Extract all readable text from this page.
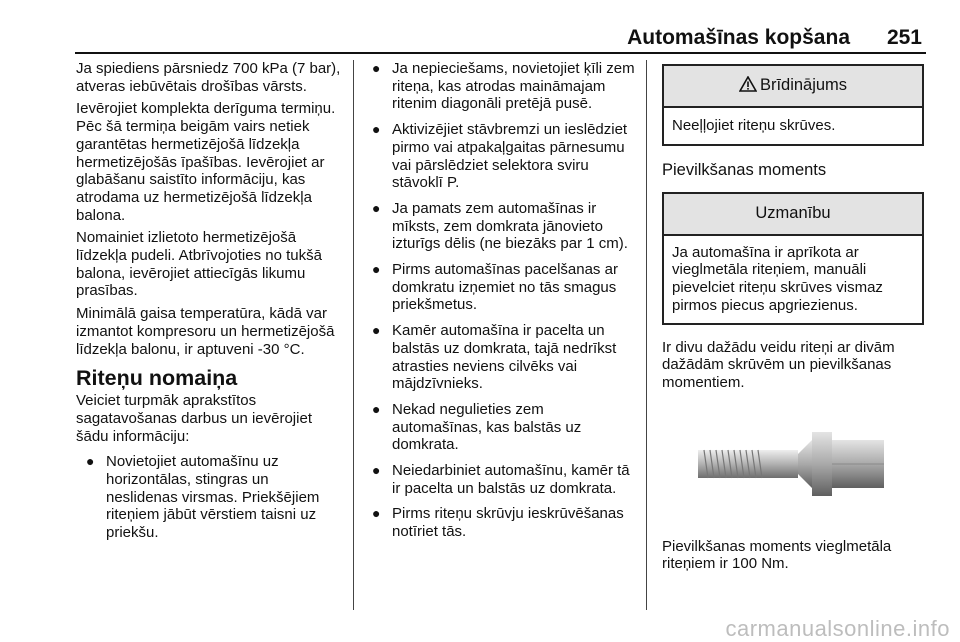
Automašīnas kopšana 251

Ja spiediens pārsniedz 700 kPa (7 bar), atveras iebūvētais drošības vārsts.

Ievērojiet komplekta derīguma termiņu. Pēc šā termiņa beigām vairs netiek garantētas hermetizējošā līdzekļa hermetizējošās īpašības. Ievērojiet ar glabāšanu saistīto informāciju, kas atrodama uz hermetizējošā līdzekļa balona.

Nomainiet izlietoto hermetizējošā līdzekļa pudeli. Atbrīvojoties no tukšā balona, ievērojiet attiecīgās likumu prasības.

Minimālā gaisa temperatūra, kādā var izmantot kompresoru un hermetizējošā līdzekļa balonu, ir aptuveni -30 °C.

Riteņu nomaiņa

Veiciet turpmāk aprakstītos sagatavošanas darbus un ievērojiet šādu informāciju:

● Novietojiet automašīnu uz horizontālas, stingras un neslidenas virsmas. Priekšējiem riteņiem jābūt vērstiem taisni uz priekšu.
● Ja nepieciešams, novietojiet ķīli zem riteņa, kas atrodas maināmajam ritenim diagonāli pretējā pusē.
● Aktivizējiet stāvbremzi un ieslēdziet pirmo vai atpakaļgaitas pārnesumu vai pārslēdziet selektora sviru stāvoklī P.
● Ja pamats zem automašīnas ir mīksts, zem domkrata jānovieto izturīgs dēlis (ne biezāks par 1 cm).
● Pirms automašīnas pacelšanas ar domkratu izņemiet no tās smagus priekšmetus.
● Kamēr automašīna ir pacelta un balstās uz domkrata, tajā nedrīkst atrasties neviens cilvēks vai mājdzīvnieks.
● Nekad negulieties zem automašīnas, kas balstās uz domkrata.
● Neiedarbiniet automašīnu, kamēr tā ir pacelta un balstās uz domkrata.
● Pirms riteņu skrūvju ieskrūvēšanas notīriet tās.
Brīdinājums
Neeļļojiet riteņu skrūves.
Pievilkšanas moments
Uzmanību
Ja automašīna ir aprīkota ar vieglmetāla riteņiem, manuāli pievelciet riteņu skrūves vismaz pirmos piecus apgriezienus.

Ir divu dažādu veidu riteņi ar divām dažādām skrūvēm un pievilkšanas momentiem.

Pievilkšanas moments vieglmetāla riteņiem ir 100 Nm.

carmanualsonline.info
